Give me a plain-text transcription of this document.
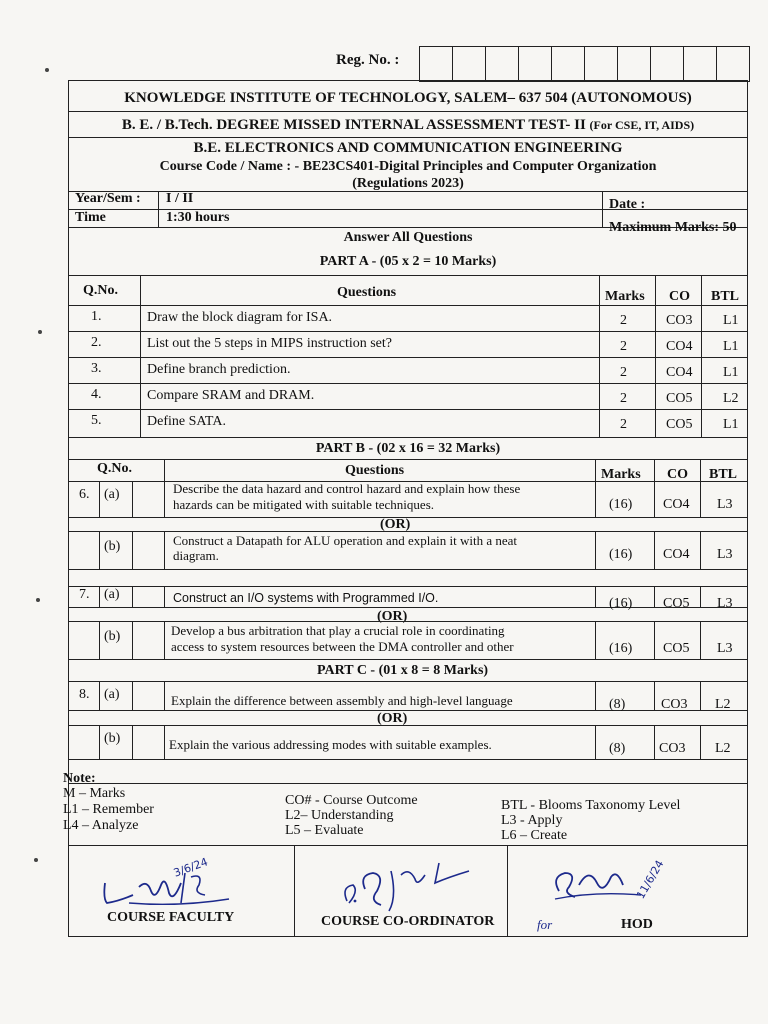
Reg. No. :
KNOWLEDGE INSTITUTE OF TECHNOLOGY, SALEM– 637 504 (AUTONOMOUS)
B. E. / B.Tech. DEGREE MISSED INTERNAL ASSESSMENT TEST- II (For CSE, IT, AIDS)
B.E. ELECTRONICS AND COMMUNICATION ENGINEERING
Course Code / Name : - BE23CS401-Digital Principles and Computer Organization
(Regulations 2023)
Year/Sem : I / II
Time	1:30 hours
Date :
Maximum Marks: 50
Answer All Questions
PART A - (05 x 2 = 10 Marks)
Q.No.	Questions	Marks CO BTL
1.	Draw the block diagram for ISA.	2	CO3 L1
2.	List out the 5 steps in MIPS instruction set?	2	CO4 L1
3.	Define branch prediction.	2	CO4 L1
4.	Compare SRAM and DRAM.	2	CO5 L2
5.	Define SATA.	2	CO5 L1
PART B - (02 x 16 = 32 Marks)
Q.No.	Questions	Marks CO BTL
6. (a)	Describe the data hazard and control hazard and explain how these
hazards can be mitigated with suitable techniques.	(16) CO4 L3
(OR)
(b)	Construct a Datapath for ALU operation and explain it with a neat
diagram.	(16) CO4 L3
7. (a)	Construct an I/O systems with Programmed I/O.	(16) CO5 L3
(OR)
(b)	Develop a bus arbitration that play a crucial role in coordinating
access to system resources between the DMA controller and other	(16) CO5 L3
PART C - (01 x 8 = 8 Marks)
8. (a)	Explain the difference between assembly and high-level language	(8)	CO3 L2
(OR)
(b)	Explain the various addressing modes with suitable examples.	(8) CO3 L2
Note:
M – Marks
L1 – Remember
L4 – Analyze
CO# - Course Outcome
L2– Understanding
L5 – Evaluate
BTL - Blooms Taxonomy Level
L3 - Apply
L6 – Create
3/6/24
COURSE FACULTY	COURSE CO-ORDINATOR
11/6/24
for	HOD
